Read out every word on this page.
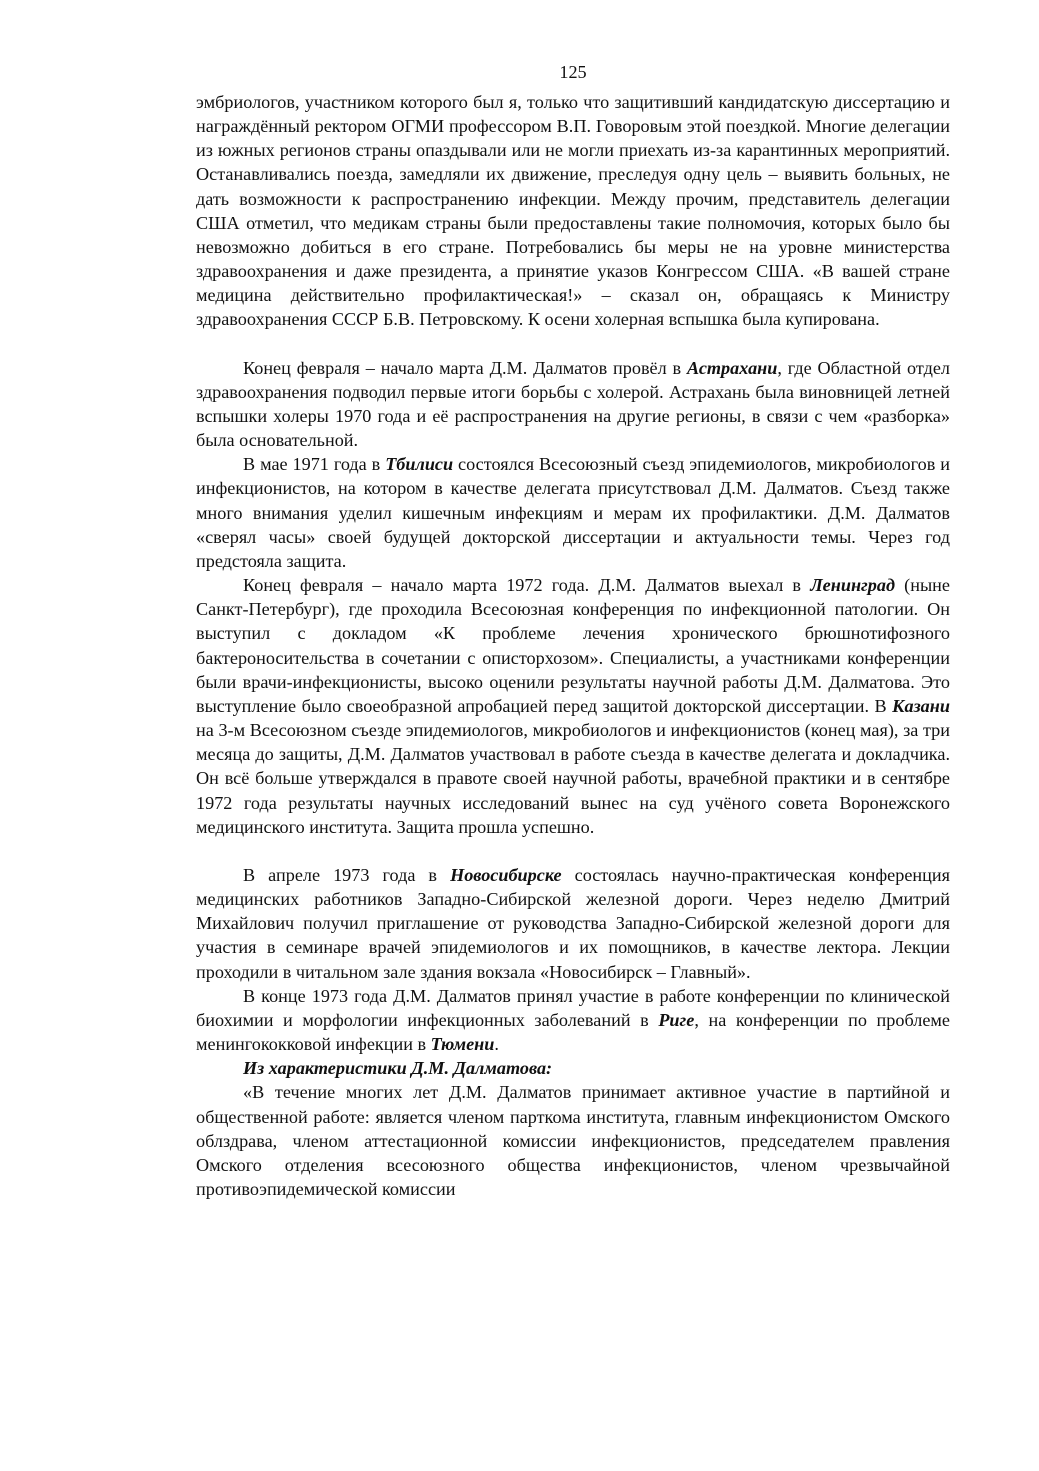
125

эмбриологов, участником которого был я, только что защитивший кандидатскую диссертацию и награждённый ректором ОГМИ профессором В.П. Говоровым этой поездкой. Многие делегации из южных регионов страны опаздывали или не могли приехать из-за карантинных мероприятий. Останавливались поезда, замедляли их движение, преследуя одну цель – выявить больных, не дать возможности к распространению инфекции. Между прочим, представитель делегации США отметил, что медикам страны были предоставлены такие полномочия, которых было бы невозможно добиться в его стране. Потребовались бы меры не на уровне министерства здравоохранения и даже президента, а принятие указов Конгрессом США. «В вашей стране медицина действительно профилактическая!» – сказал он, обращаясь к Министру здравоохранения СССР Б.В. Петровскому. К осени холерная вспышка была купирована.

Конец февраля – начало марта Д.М. Далматов провёл в Астрахани, где Областной отдел здравоохранения подводил первые итоги борьбы с холерой. Астрахань была виновницей летней вспышки холеры 1970 года и её распространения на другие регионы, в связи с чем «разборка» была основательной.

В мае 1971 года в Тбилиси состоялся Всесоюзный съезд эпидемиологов, микробиологов и инфекционистов, на котором в качестве делегата присутствовал Д.М. Далматов. Съезд также много внимания уделил кишечным инфекциям и мерам их профилактики. Д.М. Далматов «сверял часы» своей будущей докторской диссертации и актуальности темы. Через год предстояла защита.

Конец февраля – начало марта 1972 года. Д.М. Далматов выехал в Ленинград (ныне Санкт-Петербург), где проходила Всесоюзная конференция по инфекционной патологии. Он выступил с докладом «К проблеме лечения хронического брюшнотифозного бактероносительства в сочетании с описторхозом». Специалисты, а участниками конференции были врачи-инфекционисты, высоко оценили результаты научной работы Д.М. Далматова. Это выступление было своеобразной апробацией перед защитой докторской диссертации. В Казани на 3-м Всесоюзном съезде эпидемиологов, микробиологов и инфекционистов (конец мая), за три месяца до защиты, Д.М. Далматов участвовал в работе съезда в качестве делегата и докладчика. Он всё больше утверждался в правоте своей научной работы, врачебной практики и в сентябре 1972 года результаты научных исследований вынес на суд учёного совета Воронежского медицинского института. Защита прошла успешно.

В апреле 1973 года в Новосибирске состоялась научно-практическая конференция медицинских работников Западно-Сибирской железной дороги. Через неделю Дмитрий Михайлович получил приглашение от руководства Западно-Сибирской железной дороги для участия в семинаре врачей эпидемиологов и их помощников, в качестве лектора. Лекции проходили в читальном зале здания вокзала «Новосибирск – Главный».

В конце 1973 года Д.М. Далматов принял участие в работе конференции по клинической биохимии и морфологии инфекционных заболеваний в Риге, на конференции по проблеме менингококковой инфекции в Тюмени.

Из характеристики Д.М. Далматова:

«В течение многих лет Д.М. Далматов принимает активное участие в партийной и общественной работе: является членом парткома института, главным инфекционистом Омского облздрава, членом аттестационной комиссии инфекционистов, председателем правления Омского отделения всесоюзного общества инфекционистов, членом чрезвычайной противоэпидемической комиссии
